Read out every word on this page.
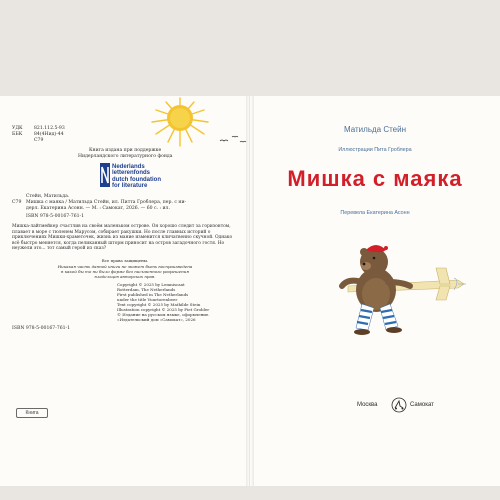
УДК 821.112.5-93
ББК	84(4Нид)-44
С79
Книга издана при поддержке
Нидерландского литературного фонда
Nederlands
letterenfonds
dutch foundation
for literature
Стейн, Матильда.
С79 Мишка с маяка / Матильда Стейн, ил. Питта Гроблера, пер. с ни-
дерл. Екатерина Асонн. — М. : Самокат, 2026. — 60 с. : ил.
ISBN 978-5-00167-761-1
Мишка-лайтмейкер счастлив на своём маленьком острове. Он хорошо следит за горизонтом, плавает в море с тюленем Марусом, собирает ракушки. Но после главных историй о приключениях Мишки-храметочек, жизнь из мание изменится кличатвенно скучной. Однако всё быстро меняется, когда пеликанный шторм приносит на остров загадочного гостя. Но неужели это... тот самый герой из сказ?
Все права защищены.
Никакая часть данной книги не может быть воспроизведена
в какой бы то ни было форме без письменного разрешения
владельцев авторских прав.
Copyright © 2025 by Lemniscaat
Rotterdam, The Netherlands
First published in The Netherlands
under the title Vuurtorenbeer
Text copyright © 2025 by Mathilde Stein
Illustration copyright © 2025 by Piet Grobler
© Издание на русском языке, оформление.
«Издательский дом «Самокат», 2026
ISBN 978-5-00167-761-1
Книга
Матильда Стейн
Иллюстрации Пита Гроблера
Мишка с маяка
Перевела Екатерина Асонн
Москва	Самокат
